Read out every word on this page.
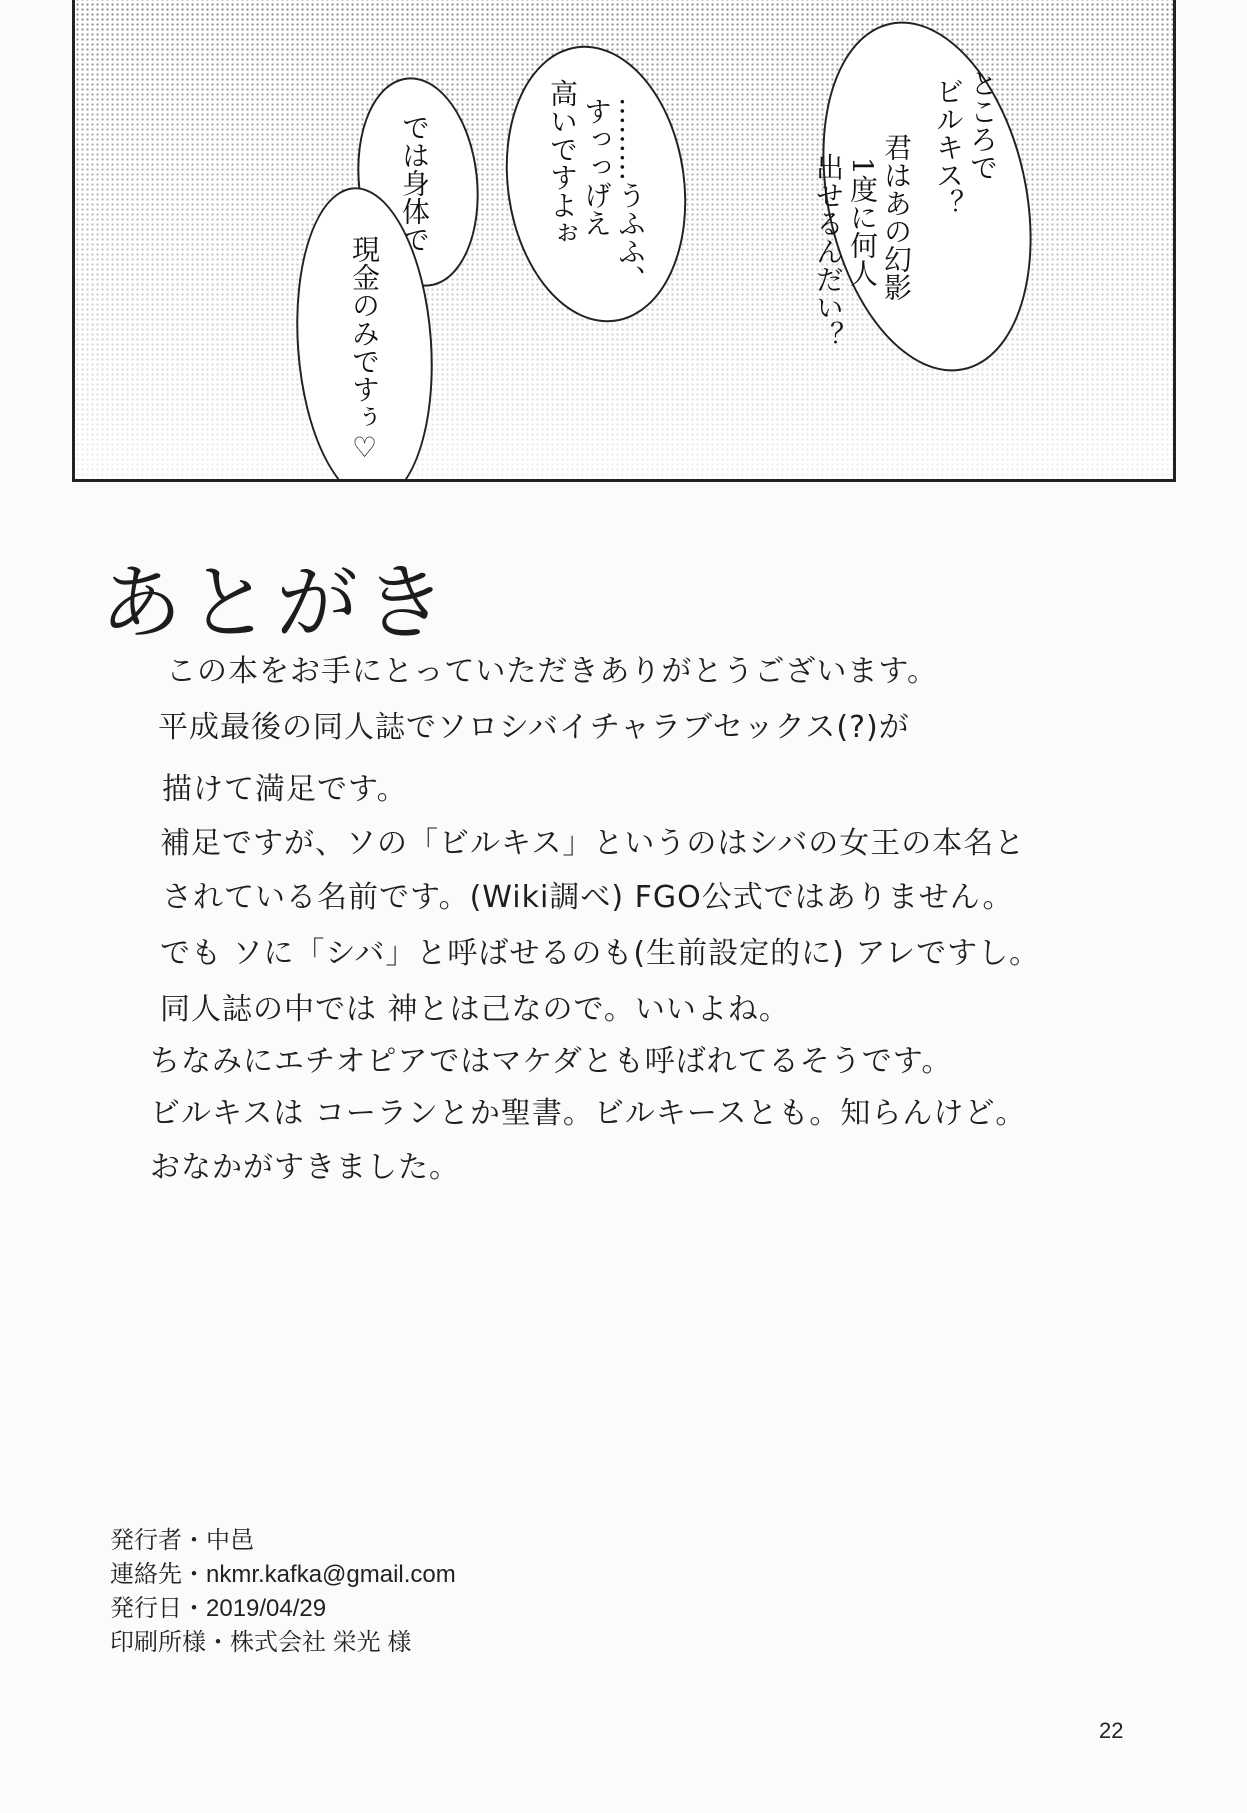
ところで
ビルキス？
君はあの幻影
1度に何人
出せるんだい？
………うふふ、
すっっげえ
高いですよぉ
では身体で
現金のみですぅ♡
あとがき
この本をお手にとっていただきありがとうございます。
平成最後の同人誌でソロシバイチャラブセックス(?)が
描けて満足です。
補足ですが、ソの「ビルキス」というのはシバの女王の本名と
されている名前です。(Wiki調べ) FGO公式ではありません。
でも ソに「シバ」と呼ばせるのも(生前設定的に) アレですし。
同人誌の中では 神とは己なので。いいよね。
ちなみにエチオピアではマケダとも呼ばれてるそうです。
ビルキスは コーランとか聖書。ビルキースとも。知らんけど。
おなかがすきました。
発行者・中邑
連絡先・nkmr.kafka@gmail.com
発行日・2019/04/29
印刷所様・株式会社 栄光 様
22
